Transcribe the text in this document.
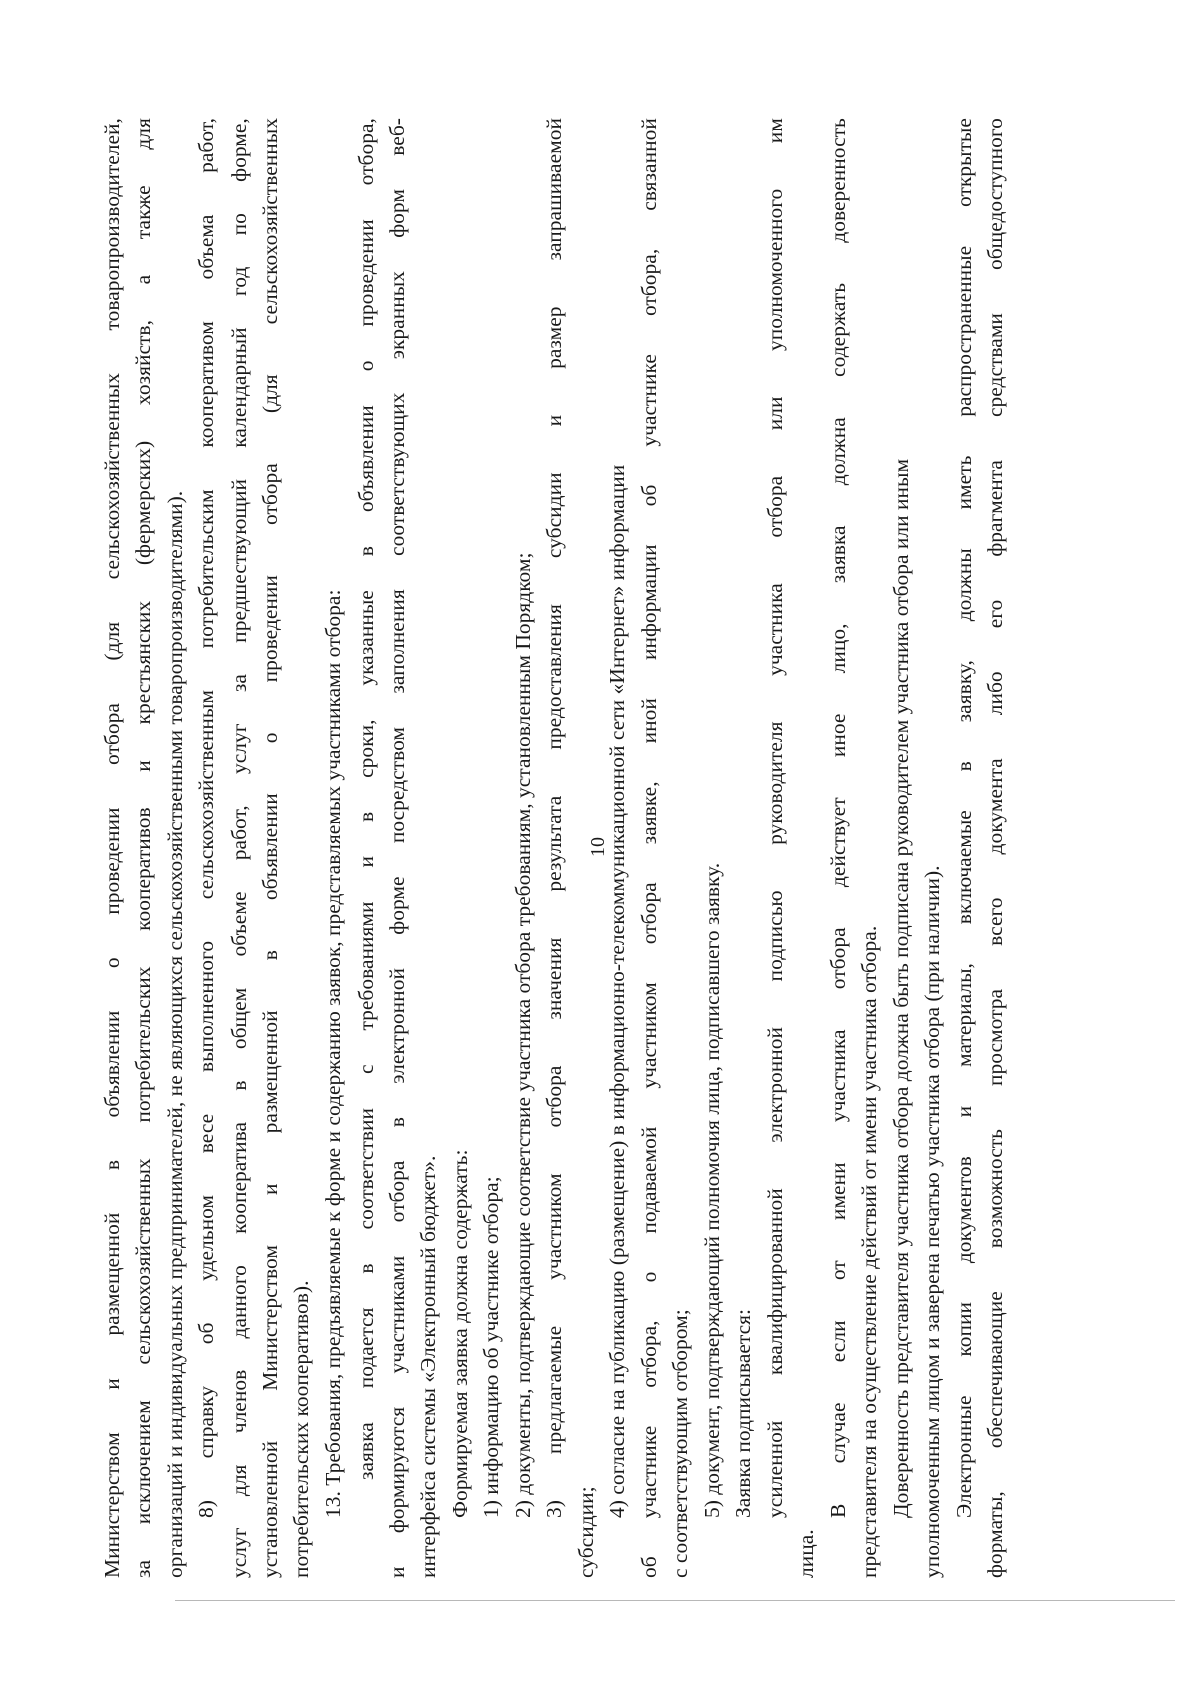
10
Министерством
и
размещенной
в
объявлении
о
проведении
отбора
(для
сельскохозяйственных
товаропроизводителей,
за
исключением
сельскохозяйственных
потребительских
кооперативов
и
крестьянских
(фермерских)
хозяйств,
а
также
для
организаций и индивидуальных предпринимателей, не являющихся сельскохозяйственными товаропроизводителями). 8)
справку
об
удельном
весе
выполненного
сельскохозяйственным
потребительским
кооперативом
объема
работ,
услуг
для
членов
данного
кооператива
в
общем
объеме
работ,
услуг
за
предшествующий
календарный
год
по
форме,
установленной
Министерством
и
размещенной
в
объявлении
о
проведении
отбора
(для
сельскохозяйственных
потребительских кооперативов). 13. Требования, предъявляемые к форме и содержанию заявок, представляемых участниками отбора: заявка
подается
в
соответствии
с
требованиями
и
в
сроки,
указанные
в
объявлении
о
проведении
отбора,
и
формируются
участниками
отбора
в
электронной
форме
посредством
заполнения
соответствующих
экранных
форм
веб-
интерфейса системы «Электронный бюджет». Формируемая заявка должна содержать: 1) информацию об участнике отбора; 2) документы, подтверждающие соответствие участника отбора требованиям, установленным Порядком; 3)
предлагаемые
участником
отбора
значения
результата
предоставления
субсидии
и
размер
запрашиваемой
субсидии;
4) согласие на публикацию (размещение) в информационно-телекоммуникационной сети «Интернет» информации
об
участнике
отбора,
о
подаваемой
участником
отбора
заявке,
иной
информации
об
участнике
отбора,
связанной
с соответствующим отбором; 5) документ, подтверждающий полномочия лица, подписавшего заявку. Заявка подписывается: усиленной
квалифицированной
электронной
подписью
руководителя
участника
отбора
или
уполномоченного
им
лица.
В
случае
если
от
имени
участника
отбора
действует
иное
лицо,
заявка
должна
содержать
доверенность
представителя на осуществление действий от имени участника отбора. Доверенность представителя участника отбора должна быть подписана руководителем участника отбора или иным уполномоченным лицом и заверена печатью участника отбора (при наличии). Электронные
копии
документов
и
материалы,
включаемые
в
заявку,
должны
иметь
распространенные
открытые
форматы,
обеспечивающие
возможность
просмотра
всего
документа
либо
его
фрагмента
средствами
общедоступного
